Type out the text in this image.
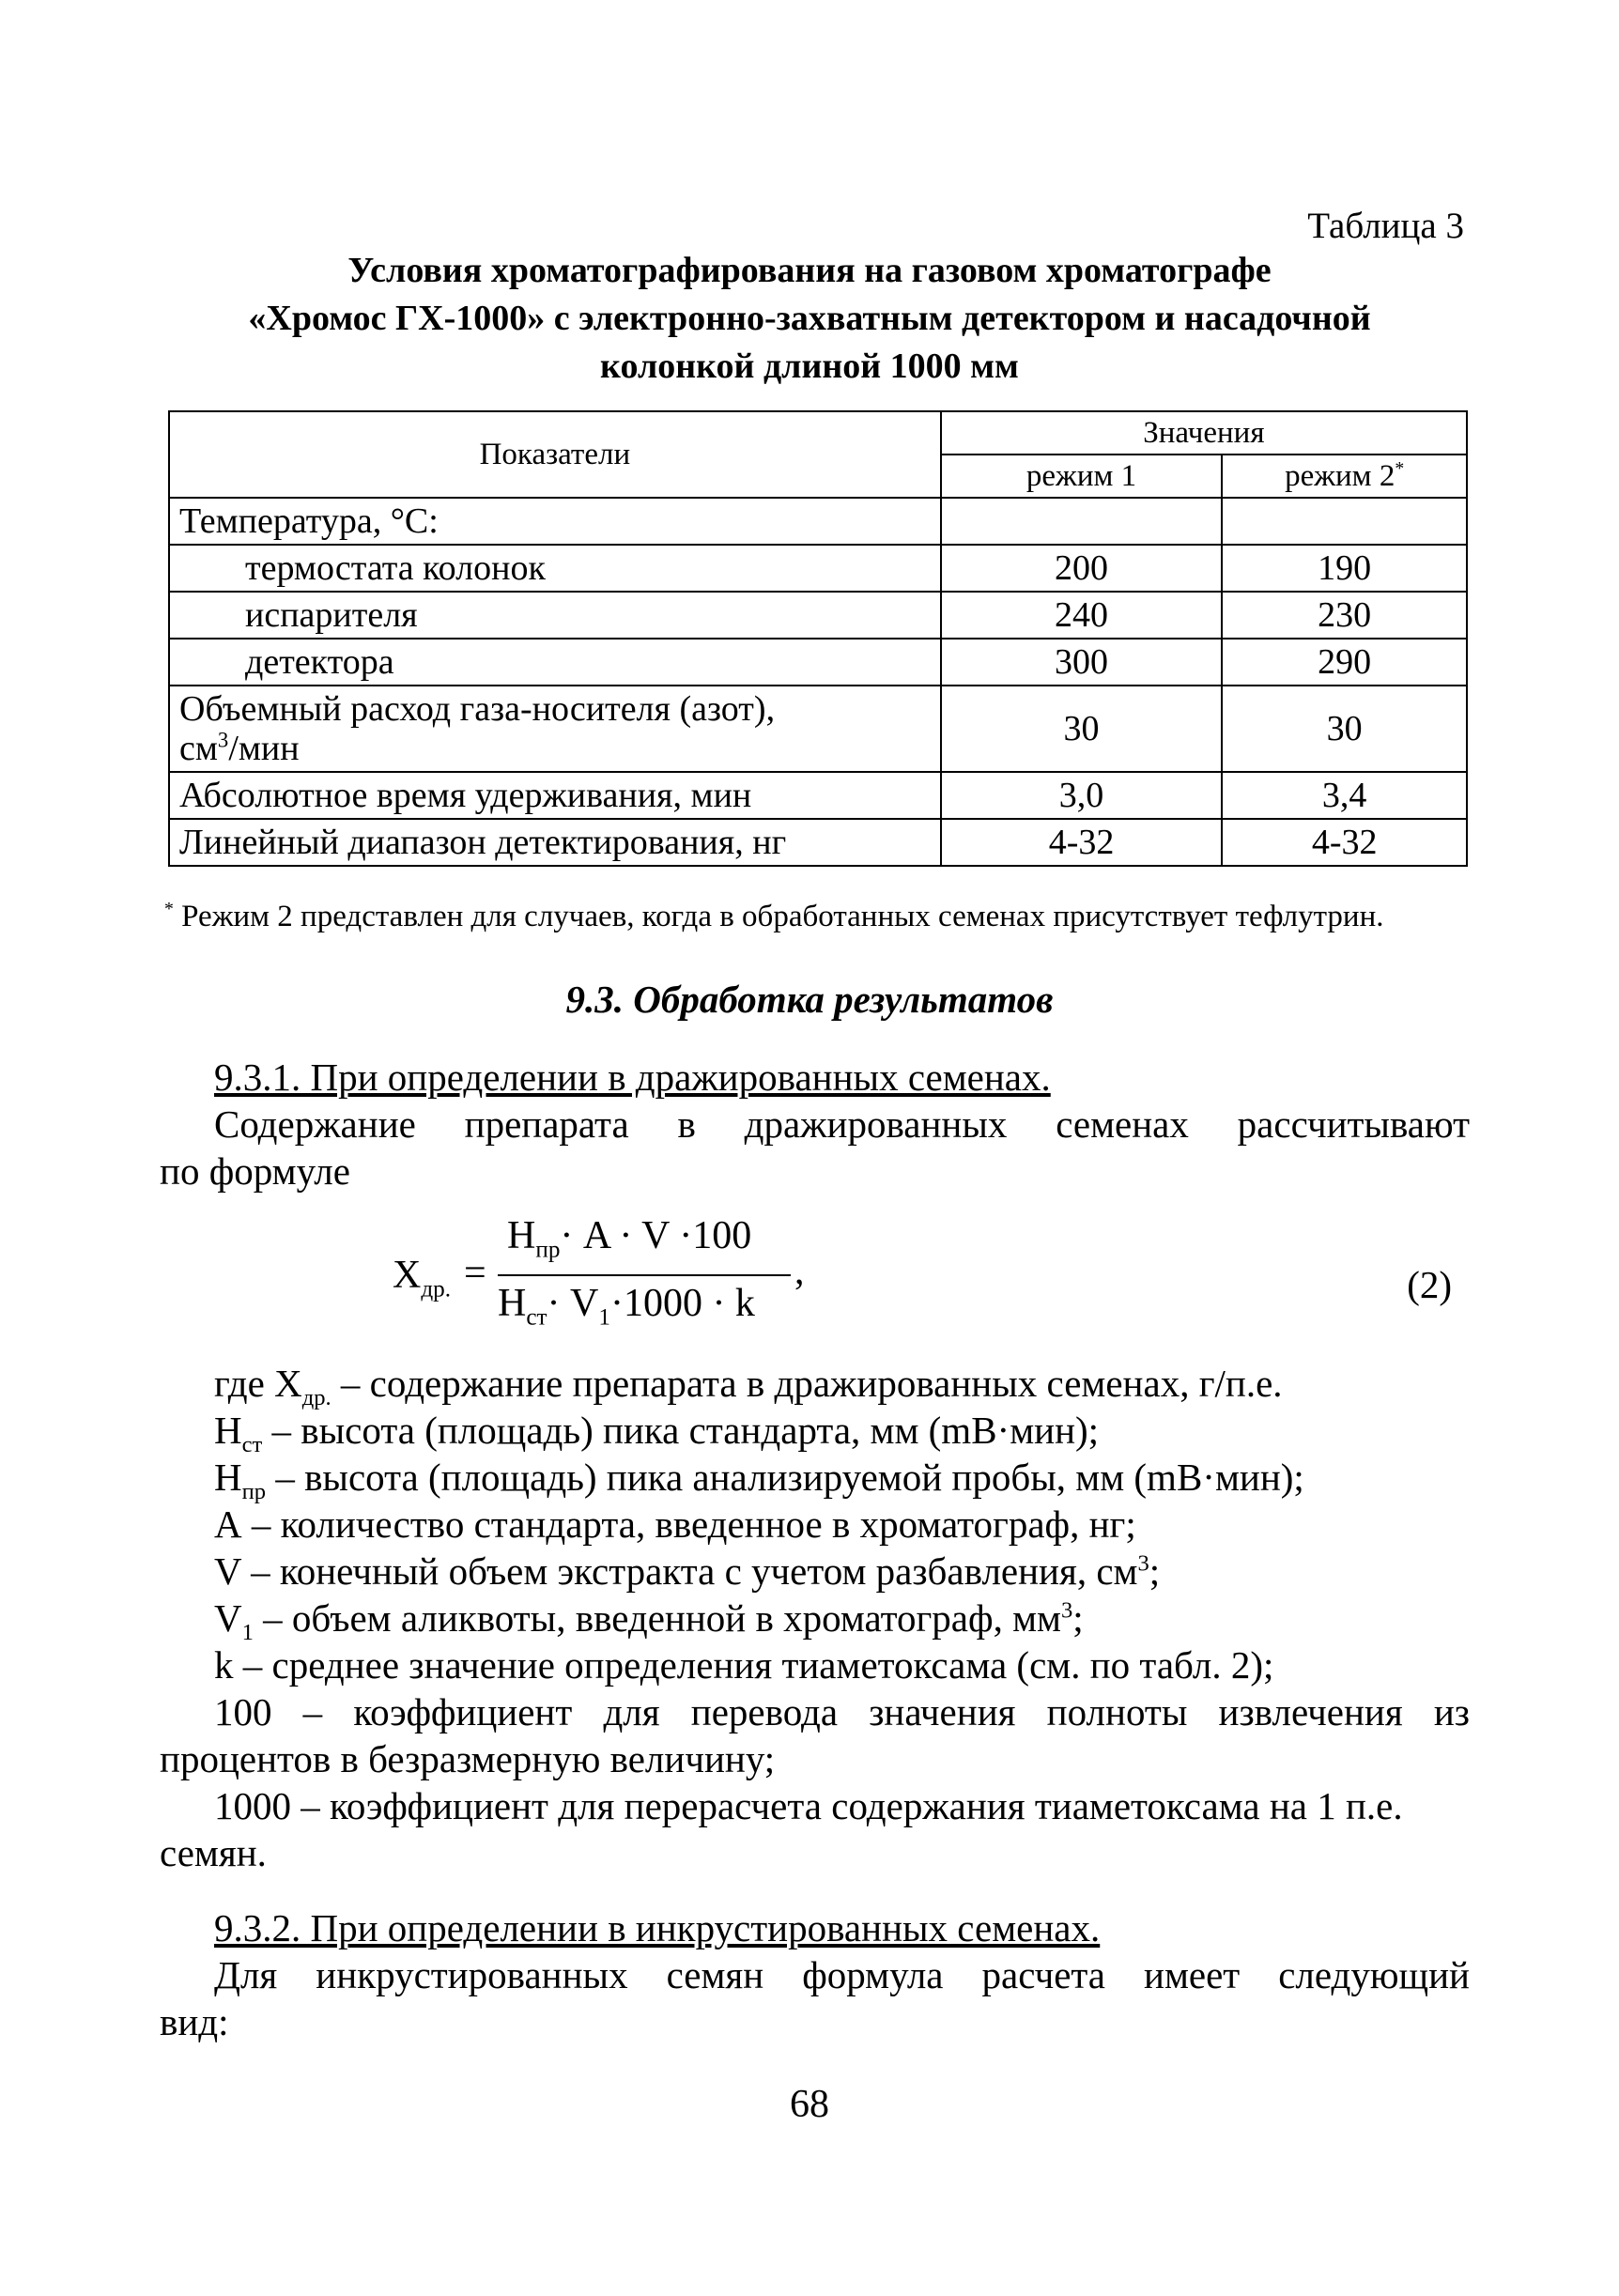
Таблица 3
Условия хроматографирования на газовом хроматографе
«Хромос ГХ-1000» с электронно-захватным детектором и насадочной
колонкой длиной 1000 мм
Показатели	Значения	
	режим 1	режим 2*
Температура, °С:		
термостата колонок	200	190
испарителя	240	230
детектора	300	290
Объемный расход газа-носителя (азот),
$см^3$/мин	30	30
Абсолютное время удерживания, мин	3,0	3,4
Линейный диапазон детектирования, нг	4-32	4-32
* Режим 2 представлен для случаев, когда в обработанных семенах присутствует тефлутрин.
9.3. Обработка результатов
9.3.1. При определении в дражированных семенах.
Содержание препарата в дражированных семенах рассчитывают
по формуле
$Х_{др.}$ =
$Н_{пр}\cdot A \cdot V \cdot 100$
$Н_{ст}\cdot V_1\cdot 1000 \cdot k$
,	(2)
где $Х_{др.}$ – содержание препарата в дражированных семенах, г/п.е.
$Н_{ст}$ – высота (площадь) пика стандарта, мм (mВ·мин);
$Н_{пр}$ – высота (площадь) пика анализируемой пробы, мм (mВ·мин);
А – количество стандарта, введенное в хроматограф, нг;
V – конечный объем экстракта с учетом разбавления, $см^3$;
$V_1$ – объем аликвоты, введенной в хроматограф, $мм^3$;
k – среднее значение определения тиаметоксама (см. по табл. 2);
100 – коэффициент для перевода значения полноты извлечения из
процентов в безразмерную величину;
1000 – коэффициент для перерасчета содержания тиаметоксама на 1 п.е.
семян.
9.3.2. При определении в инкрустированных семенах.
Для инкрустированных семян формула расчета имеет следующий
вид:
68
